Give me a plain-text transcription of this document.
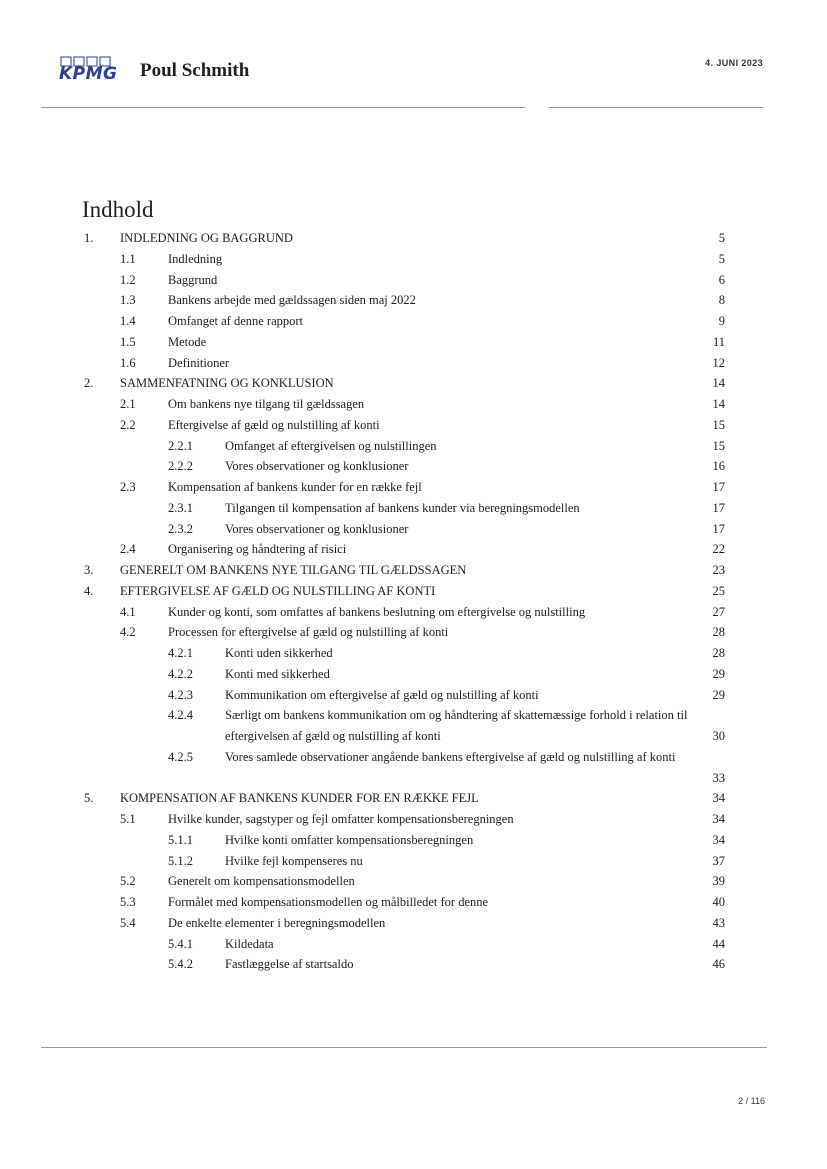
KPMG Poul Schmith	4. JUNI 2023
Indhold
1. INDLEDNING OG BAGGRUND	5
1.1	Indledning	5
1.2	Baggrund	6
1.3	Bankens arbejde med gældssagen siden maj 2022	8
1.4	Omfanget af denne rapport	9
1.5	Metode	11
1.6	Definitioner	12
2. SAMMENFATNING OG KONKLUSION	14
2.1	Om bankens nye tilgang til gældssagen	14
2.2	Eftergivelse af gæld og nulstilling af konti	15
2.2.1	Omfanget af eftergivelsen og nulstillingen	15
2.2.2	Vores observationer og konklusioner	16
2.3	Kompensation af bankens kunder for en række fejl	17
2.3.1	Tilgangen til kompensation af bankens kunder via beregningsmodellen	17
2.3.2	Vores observationer og konklusioner	17
2.4	Organisering og håndtering af risici	22
3. GENERELT OM BANKENS NYE TILGANG TIL GÆLDSSAGEN	23
4. EFTERGIVELSE AF GÆLD OG NULSTILLING AF KONTI	25
4.1	Kunder og konti, som omfattes af bankens beslutning om eftergivelse og nulstilling	27
4.2	Processen for eftergivelse af gæld og nulstilling af konti	28
4.2.1	Konti uden sikkerhed	28
4.2.2	Konti med sikkerhed	29
4.2.3	Kommunikation om eftergivelse af gæld og nulstilling af konti	29
4.2.4	Særligt om bankens kommunikation om og håndtering af skattemæssige forhold i relation til eftergivelsen af gæld og nulstilling af konti	30
4.2.5	Vores samlede observationer angående bankens eftergivelse af gæld og nulstilling af konti
33
5. KOMPENSATION AF BANKENS KUNDER FOR EN RÆKKE FEJL	34
5.1	Hvilke kunder, sagstyper og fejl omfatter kompensationsberegningen	34
5.1.1	Hvilke konti omfatter kompensationsberegningen	34
5.1.2	Hvilke fejl kompenseres nu	37
5.2	Generelt om kompensationsmodellen	39
5.3	Formålet med kompensationsmodellen og målbilledet for denne	40
5.4	De enkelte elementer i beregningsmodellen	43
5.4.1	Kildedata	44
5.4.2	Fastlæggelse af startsaldo	46
2 / 116
